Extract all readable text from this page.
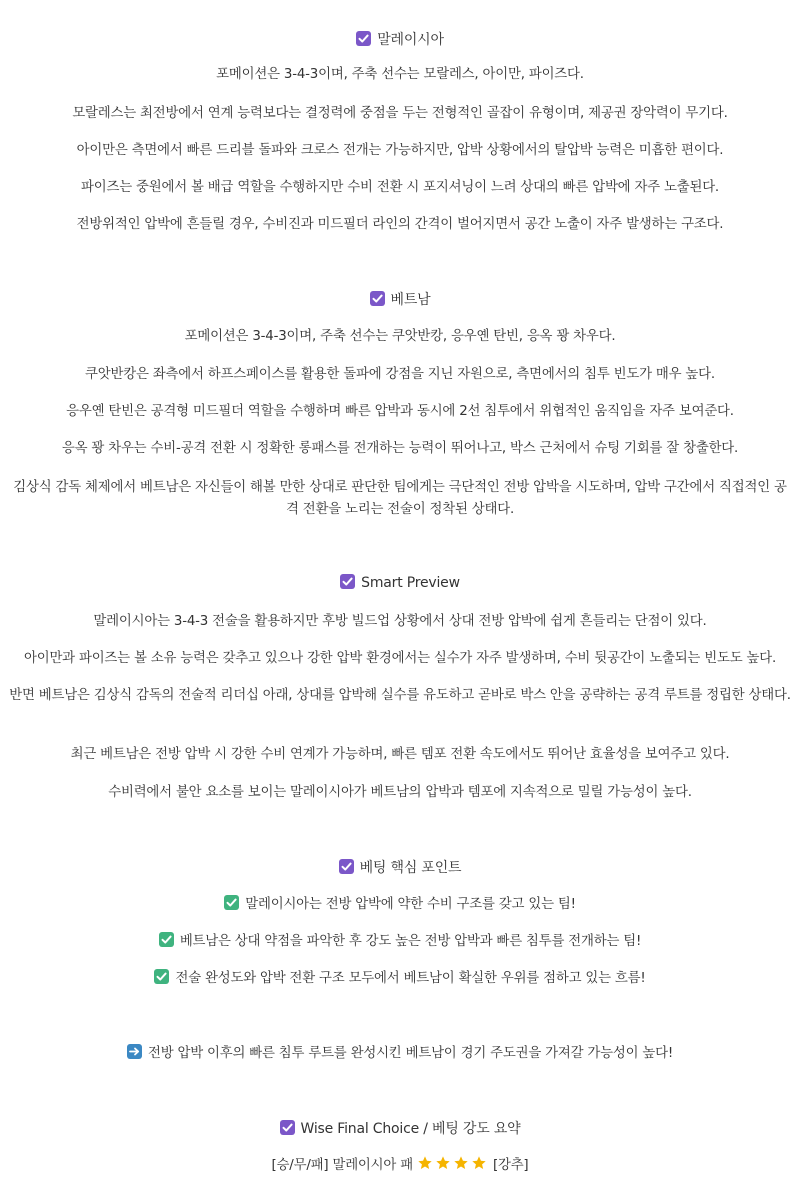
말레이시아
포메이션은 3-4-3이며, 주축 선수는 모랄레스, 아이만, 파이즈다.
모랄레스는 최전방에서 연계 능력보다는 결정력에 중점을 두는 전형적인 골잡이 유형이며, 제공권 장악력이 무기다.
아이만은 측면에서 빠른 드리블 돌파와 크로스 전개는 가능하지만, 압박 상황에서의 탈압박 능력은 미흡한 편이다.
파이즈는 중원에서 볼 배급 역할을 수행하지만 수비 전환 시 포지셔닝이 느려 상대의 빠른 압박에 자주 노출된다.
전방위적인 압박에 흔들릴 경우, 수비진과 미드필더 라인의 간격이 벌어지면서 공간 노출이 자주 발생하는 구조다.
베트남
포메이션은 3-4-3이며, 주축 선수는 쿠앗반캉, 응우옌 탄빈, 응옥 꽝 차우다.
쿠앗반캉은 좌측에서 하프스페이스를 활용한 돌파에 강점을 지닌 자원으로, 측면에서의 침투 빈도가 매우 높다.
응우옌 탄빈은 공격형 미드필더 역할을 수행하며 빠른 압박과 동시에 2선 침투에서 위협적인 움직임을 자주 보여준다.
응옥 꽝 차우는 수비-공격 전환 시 정확한 롱패스를 전개하는 능력이 뛰어나고, 박스 근처에서 슈팅 기회를 잘 창출한다.
김상식 감독 체제에서 베트남은 자신들이 해볼 만한 상대로 판단한 팀에게는 극단적인 전방 압박을 시도하며, 압박 구간에서 직접적인 공격 전환을 노리는 전술이 정착된 상태다.
Smart Preview
말레이시아는 3-4-3 전술을 활용하지만 후방 빌드업 상황에서 상대 전방 압박에 쉽게 흔들리는 단점이 있다.
아이만과 파이즈는 볼 소유 능력은 갖추고 있으나 강한 압박 환경에서는 실수가 자주 발생하며, 수비 뒷공간이 노출되는 빈도도 높다.
반면 베트남은 김상식 감독의 전술적 리더십 아래, 상대를 압박해 실수를 유도하고 곧바로 박스 안을 공략하는 공격 루트를 정립한 상태다.
최근 베트남은 전방 압박 시 강한 수비 연계가 가능하며, 빠른 템포 전환 속도에서도 뛰어난 효율성을 보여주고 있다.
수비력에서 불안 요소를 보이는 말레이시아가 베트남의 압박과 템포에 지속적으로 밀릴 가능성이 높다.
베팅 핵심 포인트
말레이시아는 전방 압박에 약한 수비 구조를 갖고 있는 팀!
베트남은 상대 약점을 파악한 후 강도 높은 전방 압박과 빠른 침투를 전개하는 팀!
전술 완성도와 압박 전환 구조 모두에서 베트남이 확실한 우위를 점하고 있는 흐름!
전방 압박 이후의 빠른 침투 루트를 완성시킨 베트남이 경기 주도권을 가져갈 가능성이 높다!
Wise Final Choice / 베팅 강도 요약
[승/무/패] 말레이시아 패	[강추]
